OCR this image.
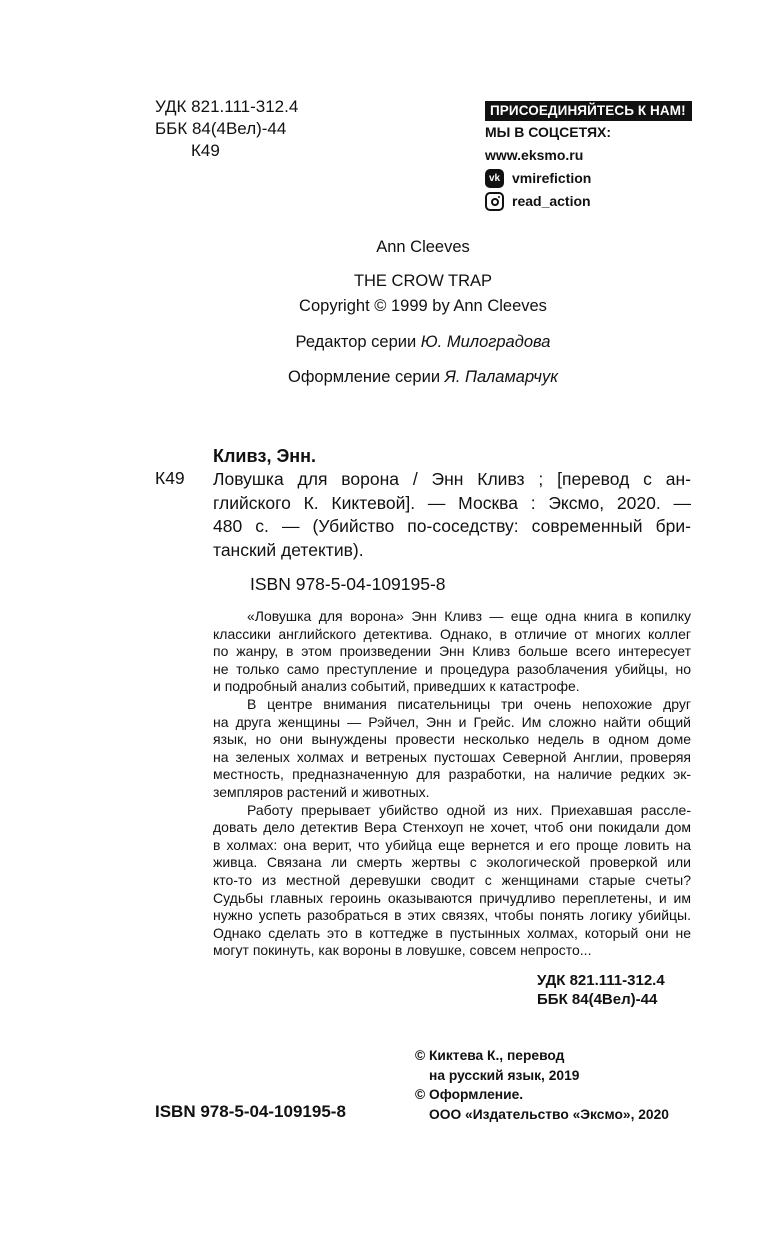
УДК 821.111-312.4
ББК 84(4Вел)-44
К49
ПРИСОЕДИНЯЙТЕСЬ К НАМ!
МЫ В СОЦСЕТЯХ:
www.eksmo.ru
vk vmirefiction
read_action
Ann Cleeves
THE CROW TRAP
Copyright © 1999 by Ann Cleeves
Редактор серии Ю. Милоградова
Оформление серии Я. Паламарчук
Кливз, Энн.
К49 Ловушка для ворона / Энн Кливз ; [перевод с ан-
глийского К. Киктевой]. — Москва : Эксмо, 2020. —
480 с. — (Убийство по-соседству: современный бри-
танский детектив).
ISBN 978-5-04-109195-8
«Ловушка для ворона» Энн Кливз — еще одна книга в копилку
классики английского детектива. Однако, в отличие от многих коллег
по жанру, в этом произведении Энн Кливз больше всего интересует
не только само преступление и процедура разоблачения убийцы, но
и подробный анализ событий, приведших к катастрофе.
В центре внимания писательницы три очень непохожие друг
на друга женщины — Рэйчел, Энн и Грейс. Им сложно найти общий
язык, но они вынуждены провести несколько недель в одном доме
на зеленых холмах и ветреных пустошах Северной Англии, проверяя
местность, предназначенную для разработки, на наличие редких эк-
земпляров растений и животных.
Работу прерывает убийство одной из них. Приехавшая рассле-
довать дело детектив Вера Стенхоуп не хочет, чтоб они покидали дом
в холмах: она верит, что убийца еще вернется и его проще ловить на
живца. Связана ли смерть жертвы с экологической проверкой или
кто-то из местной деревушки сводит с женщинами старые счеты?
Судьбы главных героинь оказываются причудливо переплетены, и им
нужно успеть разобраться в этих связях, чтобы понять логику убийцы.
Однако сделать это в коттедже в пустынных холмах, который они не
могут покинуть, как вороны в ловушке, совсем непросто...
УДК 821.111-312.4
ББК 84(4Вел)-44
© Киктева К., перевод
на русский язык, 2019
© Оформление.
ООО «Издательство «Эксмо», 2020
ISBN 978-5-04-109195-8
